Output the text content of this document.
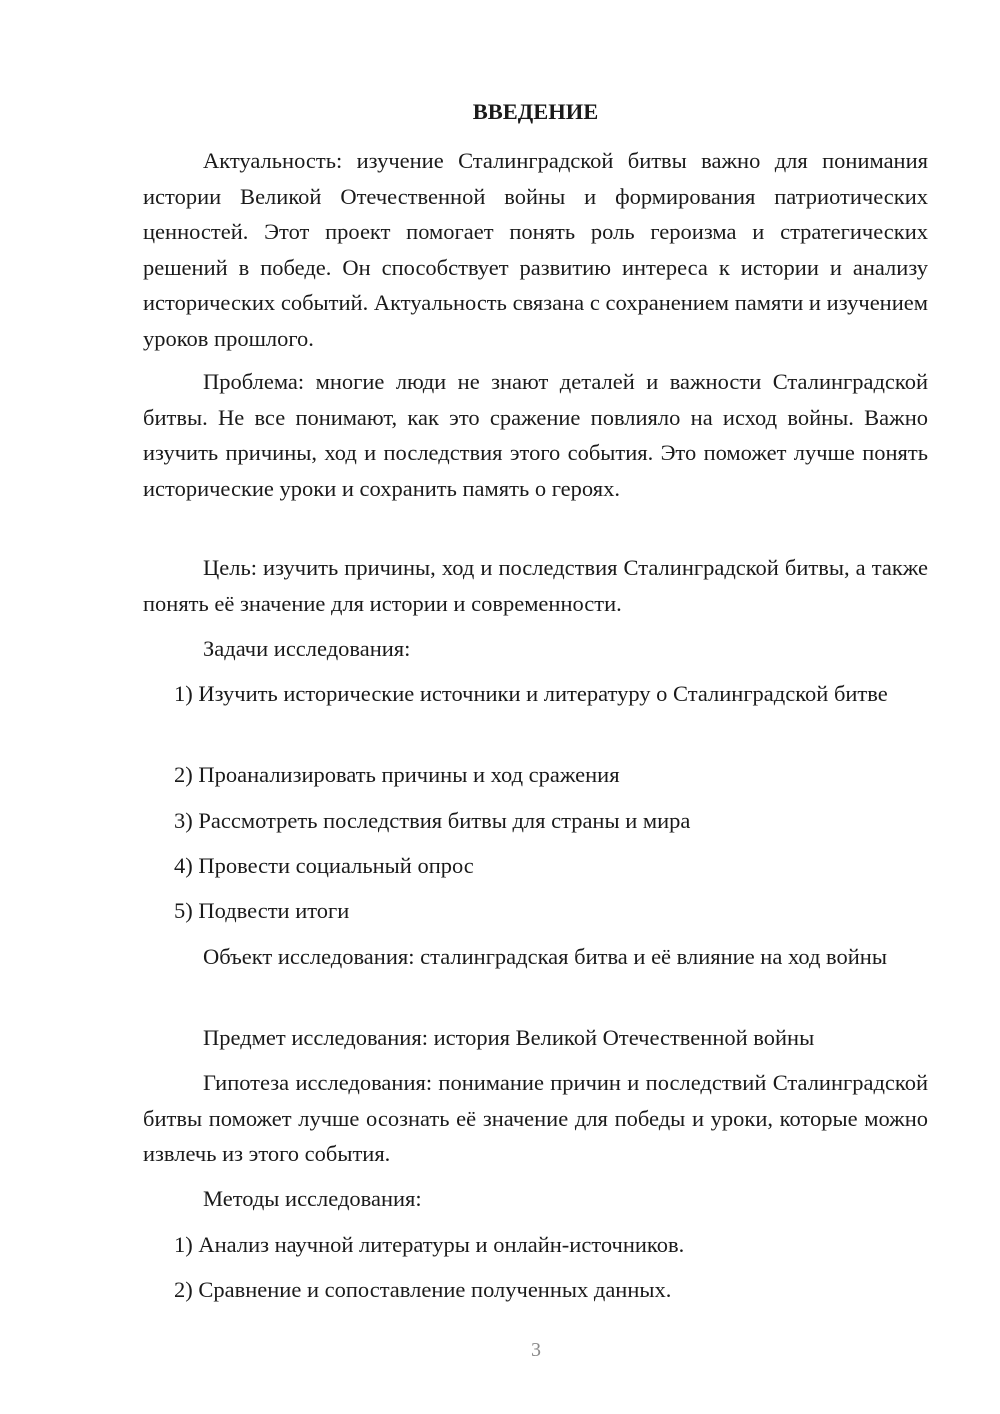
ВВЕДЕНИЕ

Актуальность: изучение Сталинградской битвы важно для понимания истории Великой Отечественной войны и формирования патриотических ценностей. Этот проект помогает понять роль героизма и стратегических решений в победе. Он способствует развитию интереса к истории и анализу исторических событий. Актуальность связана с сохранением памяти и изучением уроков прошлого.

Проблема: многие люди не знают деталей и важности Сталинградской битвы. Не все понимают, как это сражение повлияло на исход войны. Важно изучить причины, ход и последствия этого события. Это поможет лучше понять исторические уроки и сохранить память о героях.

Цель: изучить причины, ход и последствия Сталинградской битвы, а также понять её значение для истории и современности.

Задачи исследования:

1) Изучить исторические источники и литературу о Сталинградской битве

2) Проанализировать причины и ход сражения

3) Рассмотреть последствия битвы для страны и мира

4) Провести социальный опрос

5) Подвести итоги

Объект исследования: сталинградская битва и её влияние на ход войны

Предмет исследования: история Великой Отечественной войны

Гипотеза исследования: понимание причин и последствий Сталинградской битвы поможет лучше осознать её значение для победы и уроки, которые можно извлечь из этого события.

Методы исследования:

1) Анализ научной литературы и онлайн-источников.

2) Сравнение и сопоставление полученных данных.

3
